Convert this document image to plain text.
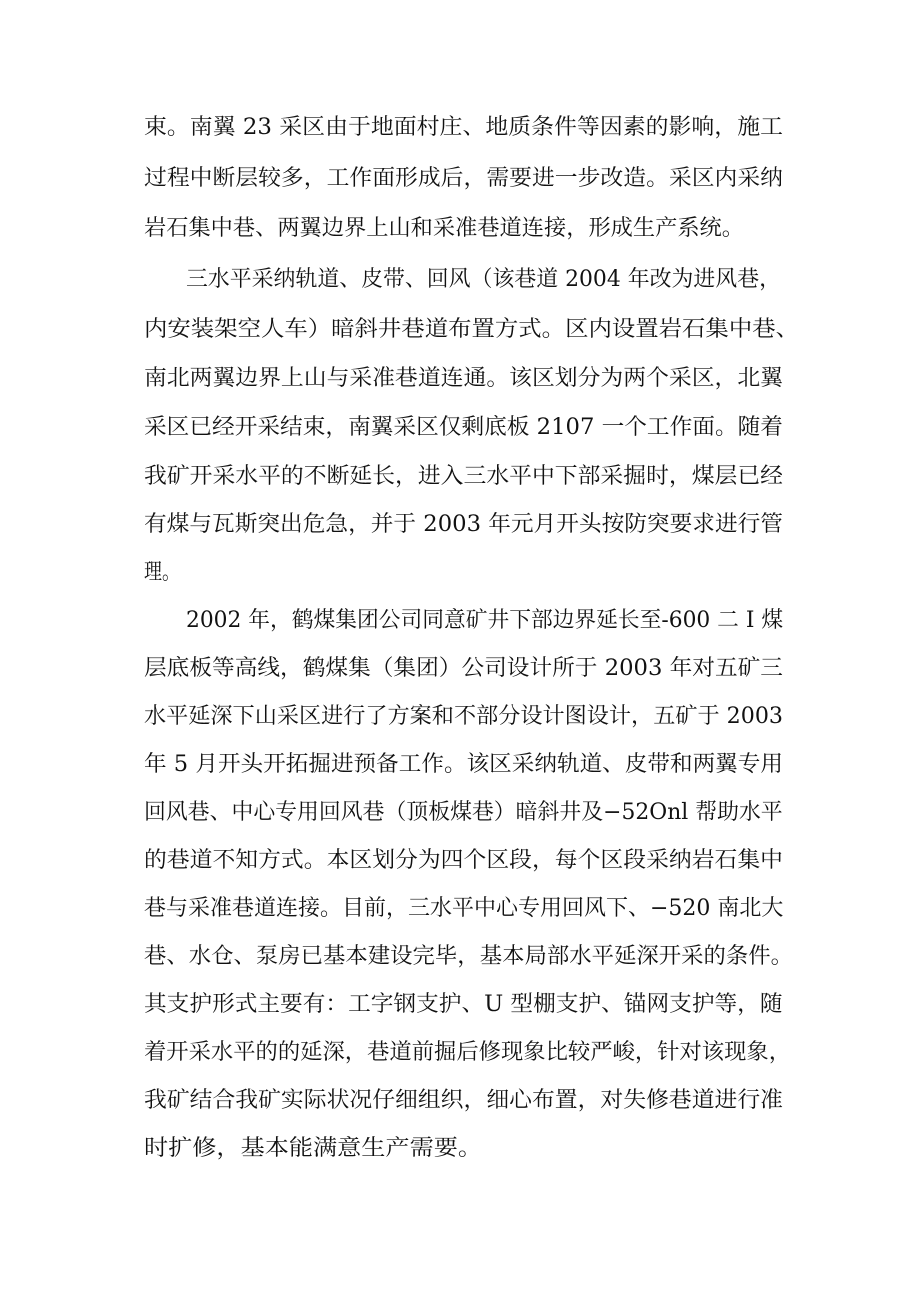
束。南翼 23 采区由于地面村庄、地质条件等因素的影响，施工
过程中断层较多，工作面形成后，需要进一步改造。采区内采纳
岩石集中巷、两翼边界上山和采准巷道连接，形成生产系统。
三水平采纳轨道、皮带、回风（该巷道 2004 年改为进风巷，
内安装架空人车）暗斜井巷道布置方式。区内设置岩石集中巷、
南北两翼边界上山与采准巷道连通。该区划分为两个采区，北翼
采区已经开采结束，南翼采区仅剩底板 2107 一个工作面。随着
我矿开采水平的不断延长，进入三水平中下部采掘时，煤层已经
有煤与瓦斯突出危急，并于 2003 年元月开头按防突要求进行管
理。
2002 年，鹤煤集团公司同意矿井下部边界延长至-600 二 I 煤
层底板等高线，鹤煤集（集团）公司设计所于 2003 年对五矿三
水平延深下山采区进行了方案和不部分设计图设计，五矿于 2003
年 5 月开头开拓掘进预备工作。该区采纳轨道、皮带和两翼专用
回风巷、中心专用回风巷（顶板煤巷）暗斜井及−52Onl 帮助水平
的巷道不知方式。本区划分为四个区段，每个区段采纳岩石集中
巷与采准巷道连接。目前，三水平中心专用回风下、−520 南北大
巷、水仓、泵房已基本建设完毕，基本局部水平延深开采的条件。
其支护形式主要有：工字钢支护、U 型棚支护、锚网支护等，随
着开采水平的的延深，巷道前掘后修现象比较严峻，针对该现象，
我矿结合我矿实际状况仔细组织，细心布置，对失修巷道进行准
时扩修，基本能满意生产需要。
